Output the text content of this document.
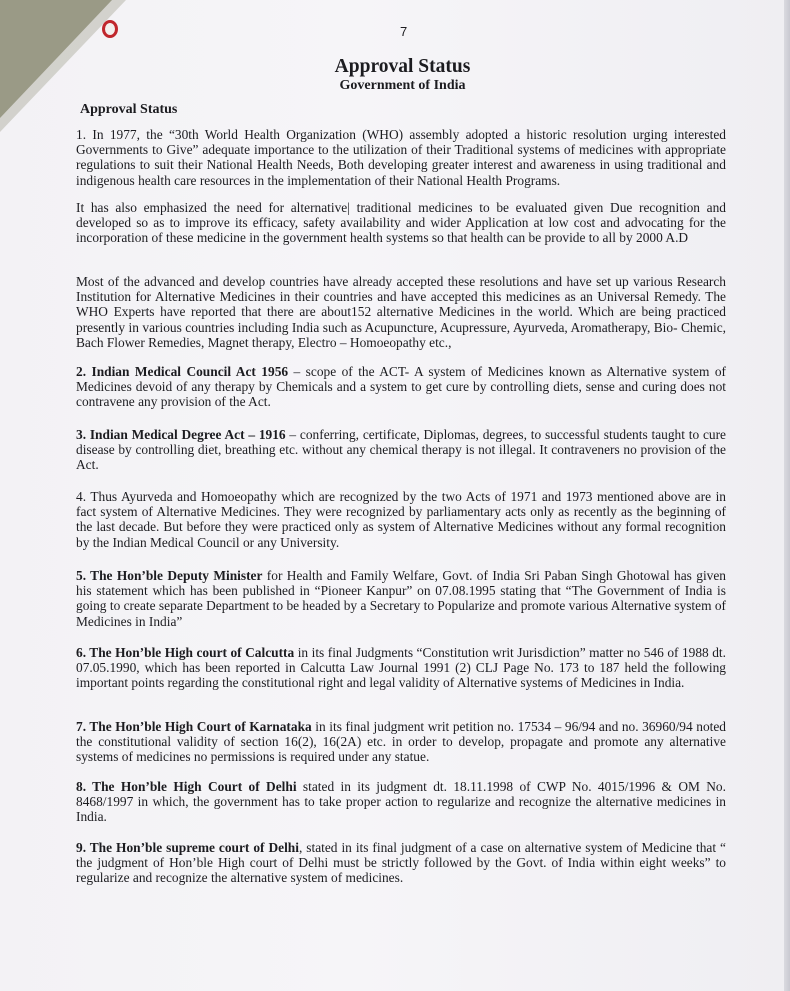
7
Approval Status
Government of India
Approval Status
1. In 1977, the “30th World Health Organization (WHO) assembly adopted a historic resolution urging interested Governments to Give” adequate importance to the utilization of their Traditional systems of medicines with appropriate regulations to suit their National Health Needs, Both developing greater interest and awareness in using traditional and indigenous health care resources in the implementation of their National Health Programs.
It has also emphasized the need for alternative| traditional medicines to be evaluated given Due recognition and developed so as to improve its efficacy, safety availability and wider Application at low cost and advocating for the incorporation of these medicine in the government health systems so that health can be provide to all by 2000 A.D
Most of the advanced and develop countries have already accepted these resolutions and have set up various Research Institution for Alternative Medicines in their countries and have accepted this medicines as an Universal Remedy. The WHO Experts have reported that there are about152 alternative Medicines in the world. Which are being practiced presently in various countries including India such as Acupuncture, Acupressure, Ayurveda, Aromatherapy, Bio- Chemic, Bach Flower Remedies, Magnet therapy, Electro – Homoeopathy etc.,
2. Indian Medical Council Act 1956 – scope of the ACT- A system of Medicines known as Alternative system of Medicines devoid of any therapy by Chemicals and a system to get cure by controlling diets, sense and curing does not contravene any provision of the Act.
3. Indian Medical Degree Act – 1916 – conferring, certificate, Diplomas, degrees, to successful students taught to cure disease by controlling diet, breathing etc. without any chemical therapy is not illegal. It contraveners no provision of the Act.
4. Thus Ayurveda and Homoeopathy which are recognized by the two Acts of 1971 and 1973 mentioned above are in fact system of Alternative Medicines. They were recognized by parliamentary acts only as recently as the beginning of the last decade. But before they were practiced only as system of Alternative Medicines without any formal recognition by the Indian Medical Council or any University.
5. The Hon’ble Deputy Minister for Health and Family Welfare, Govt. of India Sri Paban Singh Ghotowal has given his statement which has been published in “Pioneer Kanpur” on 07.08.1995 stating that “The Government of India is going to create separate Department to be headed by a Secretary to Popularize and promote various Alternative system of Medicines in India”
6. The Hon’ble High court of Calcutta in its final Judgments “Constitution writ Jurisdiction” matter no 546 of 1988 dt. 07.05.1990, which has been reported in Calcutta Law Journal 1991 (2) CLJ Page No. 173 to 187 held the following important points regarding the constitutional right and legal validity of Alternative systems of Medicines in India.
7. The Hon’ble High Court of Karnataka in its final judgment writ petition no. 17534 – 96/94 and no. 36960/94 noted the constitutional validity of section 16(2), 16(2A) etc. in order to develop, propagate and promote any alternative systems of medicines no permissions is required under any statue.
8. The Hon’ble High Court of Delhi stated in its judgment dt. 18.11.1998 of CWP No. 4015/1996 & OM No. 8468/1997 in which, the government has to take proper action to regularize and recognize the alternative medicines in India.
9. The Hon’ble supreme court of Delhi, stated in its final judgment of a case on alternative system of Medicine that “ the judgment of Hon’ble High court of Delhi must be strictly followed by the Govt. of India within eight weeks” to regularize and recognize the alternative system of medicines.
